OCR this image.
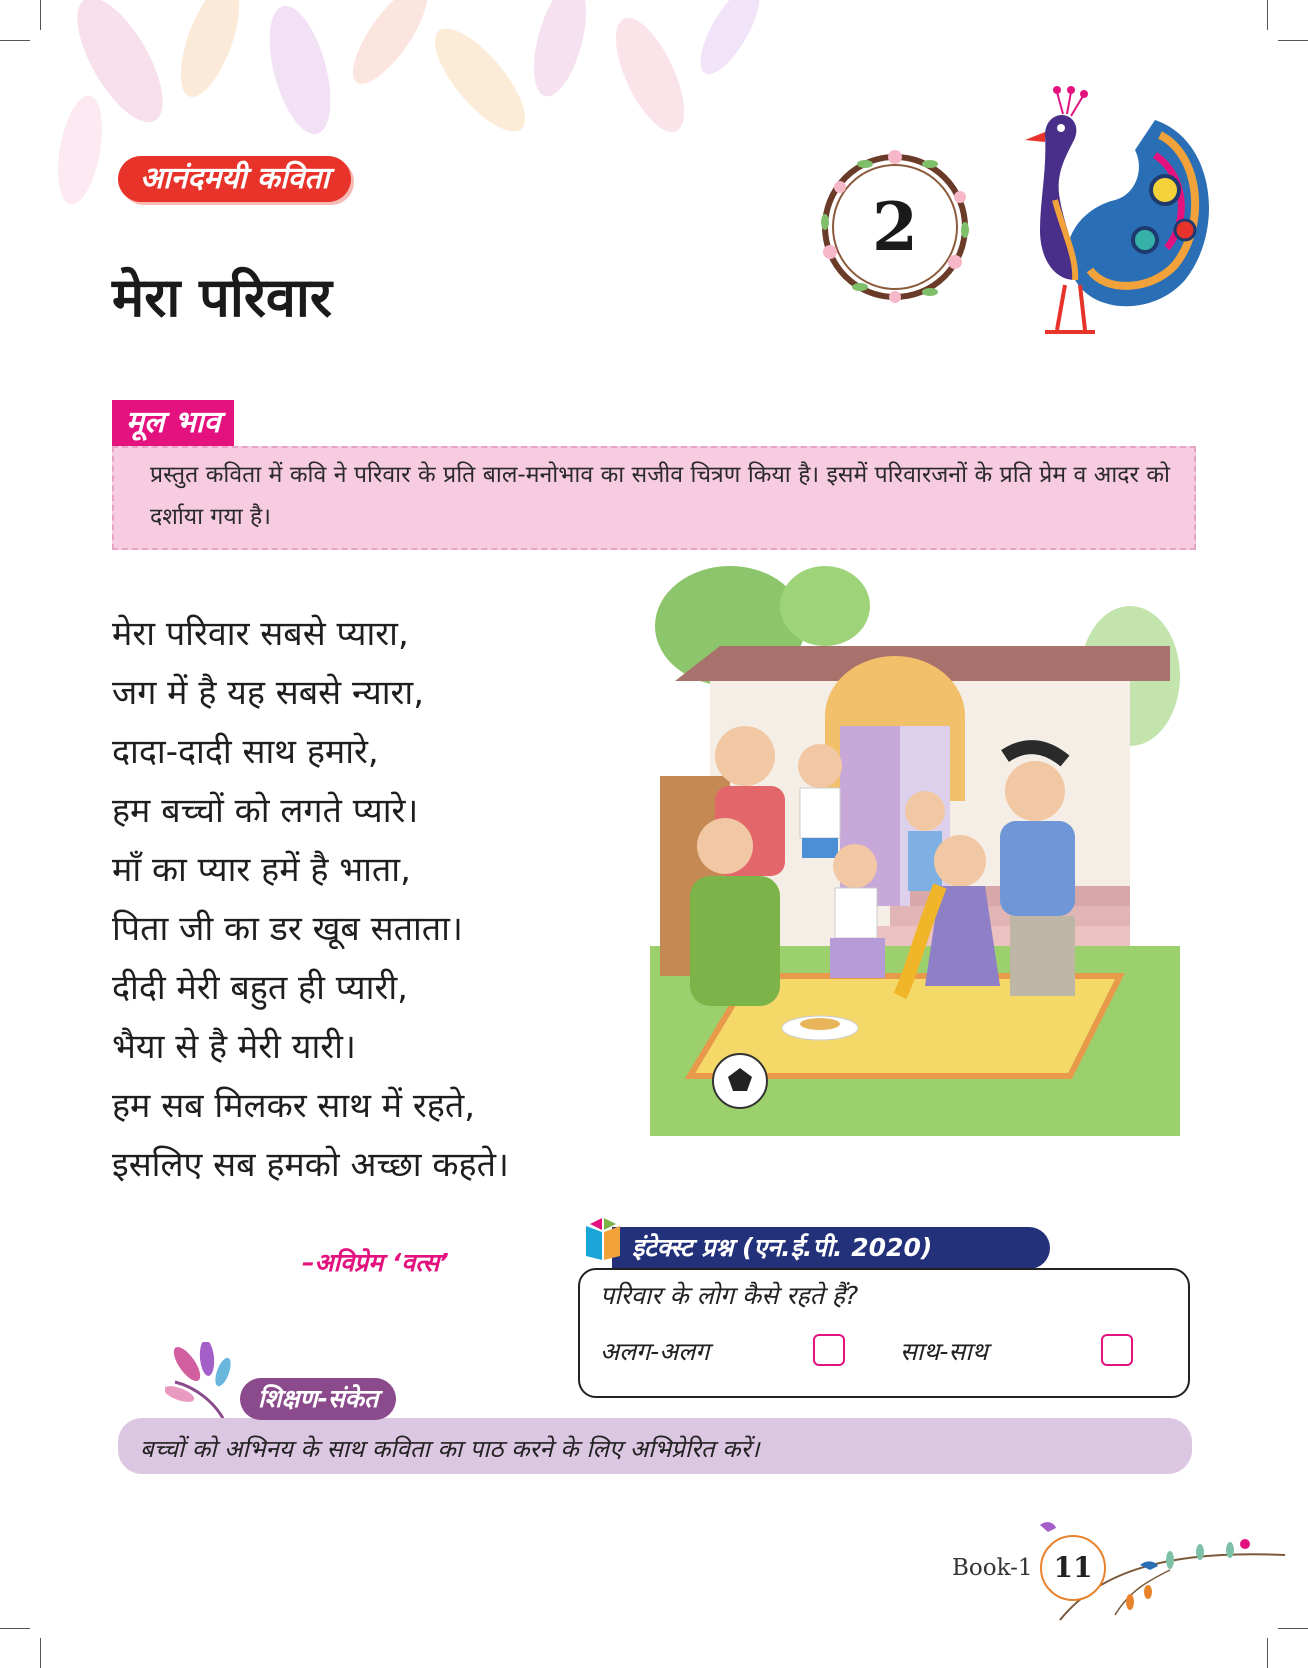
आनंदमयी कविता
मेरा परिवार
2
मूल भाव
प्रस्तुत कविता में कवि ने परिवार के प्रति बाल-मनोभाव का सजीव चित्रण किया है। इसमें परिवारजनों के प्रति प्रेम व आदर को दर्शाया गया है।
मेरा परिवार सबसे प्यारा,
जग में है यह सबसे न्यारा,
दादा-दादी साथ हमारे,
हम बच्चों को लगते प्यारे।
माँ का प्यार हमें है भाता,
पिता जी का डर खूब सताता।
दीदी मेरी बहुत ही प्यारी,
भैया से है मेरी यारी।
हम सब मिलकर साथ में रहते,
इसलिए सब हमको अच्छा कहते।
–अविप्रेम ‘वत्स’
इंटेक्स्ट प्रश्न (एन.ई.पी. 2020)
परिवार के लोग कैसे रहते हैं?
अलग-अलग	साथ-साथ
शिक्षण-संकेत
बच्चों को अभिनय के साथ कविता का पाठ करने के लिए अभिप्रेरित करें।
Book-1 11
